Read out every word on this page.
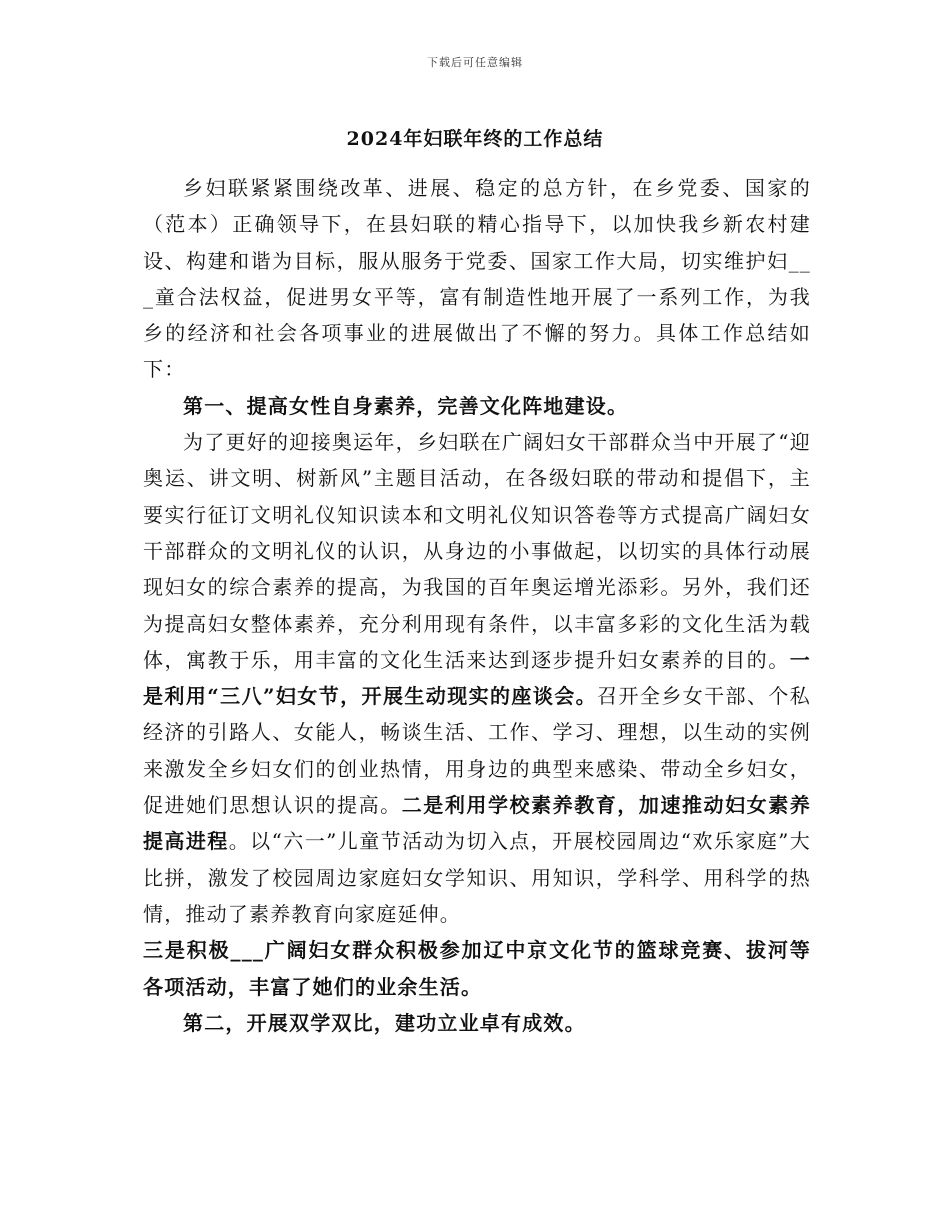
下载后可任意编辑
2024年妇联年终的工作总结

乡妇联紧紧围绕改革、进展、稳定的总方针，在乡党委、国家的（范本）正确领导下，在县妇联的精心指导下，以加快我乡新农村建设、构建和谐为目标，服从服务于党委、国家工作大局，切实维护妇___童合法权益，促进男女平等，富有制造性地开展了一系列工作，为我乡的经济和社会各项事业的进展做出了不懈的努力。具体工作总结如下：

第一、提高女性自身素养，完善文化阵地建设。

为了更好的迎接奥运年，乡妇联在广阔妇女干部群众当中开展了“迎奥运、讲文明、树新风”主题目活动，在各级妇联的带动和提倡下，主要实行征订文明礼仪知识读本和文明礼仪知识答卷等方式提高广阔妇女干部群众的文明礼仪的认识，从身边的小事做起，以切实的具体行动展现妇女的综合素养的提高，为我国的百年奥运增光添彩。另外，我们还为提高妇女整体素养，充分利用现有条件，以丰富多彩的文化生活为载体，寓教于乐，用丰富的文化生活来达到逐步提升妇女素养的目的。一是利用“三八”妇女节，开展生动现实的座谈会。召开全乡女干部、个私经济的引路人、女能人，畅谈生活、工作、学习、理想，以生动的实例来激发全乡妇女们的创业热情，用身边的典型来感染、带动全乡妇女，促进她们思想认识的提高。二是利用学校素养教育，加速推动妇女素养提高进程。以“六一”儿童节活动为切入点，开展校园周边“欢乐家庭”大比拼，激发了校园周边家庭妇女学知识、用知识，学科学、用科学的热情，推动了素养教育向家庭延伸。

三是积极___广阔妇女群众积极参加辽中京文化节的篮球竞赛、拔河等各项活动，丰富了她们的业余生活。

第二，开展双学双比，建功立业卓有成效。
